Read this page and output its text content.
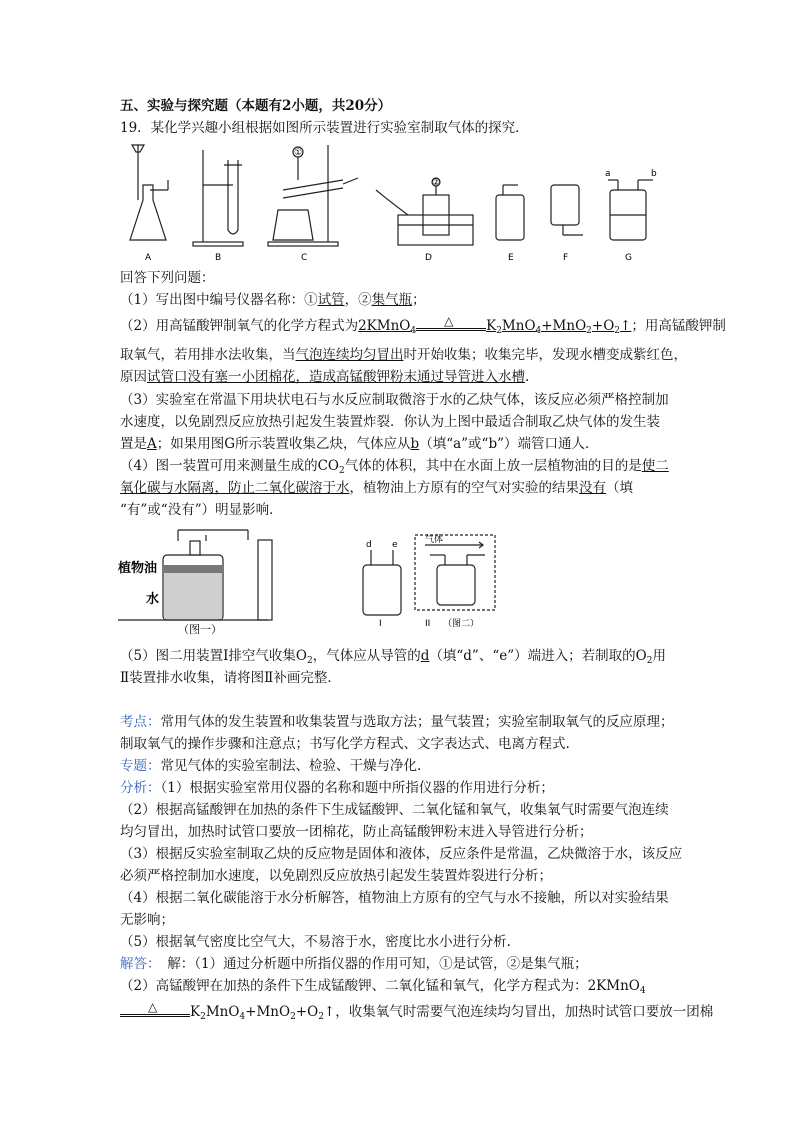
五、实验与探究题（本题有2小题，共20分）
19．某化学兴趣小组根据如图所示装置进行实验室制取气体的探究．
A	B	C	D	E	F	G
①
②
a	b
回答下列问题：
（1）写出图中编号仪器名称：①试管，②集气瓶；
（2）用高锰酸钾制氧气的化学方程式为2KMnO$_4$
△ $K_2MnO_4+MnO_2+O_2↑$；用高锰酸钾制
取氧气，若用排水法收集，当气泡连续均匀冒出时开始收集；收集完毕，发现水槽变成紫红色，
原因试管口没有塞一小团棉花，造成高锰酸钾粉末通过导管进入水槽.
（3）实验室在常温下用块状电石与水反应制取微溶于水的乙炔气体，该反应必须严格控制加
水速度，以免剧烈反应放热引起发生装置炸裂．你认为上图中最适合制取乙炔气体的发生装
置是A；如果用图G所示装置收集乙炔，气体应从b（填“a”或“b”）端管口通人．
（4）图一装置可用来测量生成的$CO_2$气体的体积，其中在水面上放一层植物油的目的是使二
氧化碳与水隔离，防止二氧化碳溶于水，植物油上方原有的空气对实验的结果没有（填
“有”或“没有”）明显影响．
植物油
水
（图一）
d e	气体
I	II （图二）
（5）图二用装置Ⅰ排空气收集$O_2$，气体应从导管的d（填“d”、“e”）端进入；若制取的$O_2$用
Ⅱ装置排水收集，请将图Ⅱ补画完整．
考点：常用气体的发生装置和收集装置与选取方法；量气装置；实验室制取氧气的反应原理；
制取氧气的操作步骤和注意点；书写化学方程式、文字表达式、电离方程式.
专题：常见气体的实验室制法、检验、干燥与净化.
分析：（1）根据实验室常用仪器的名称和题中所指仪器的作用进行分析；
（2）根据高锰酸钾在加热的条件下生成锰酸钾、二氧化锰和氧气，收集氧气时需要气泡连续
均匀冒出，加热时试管口要放一团棉花，防止高锰酸钾粉末进入导管进行分析；
（3）根据反实验室制取乙炔的反应物是固体和液体，反应条件是常温，乙炔微溶于水，该反应
必须严格控制加水速度，以免剧烈反应放热引起发生装置炸裂进行分析；
（4）根据二氧化碳能溶于水分析解答，植物油上方原有的空气与水不接触，所以对实验结果
无影响；
（5）根据氧气密度比空气大，不易溶于水，密度比水小进行分析.
解答：　解：（1）通过分析题中所指仪器的作用可知，①是试管，②是集气瓶；
（2）高锰酸钾在加热的条件下生成锰酸钾、二氧化锰和氧气，化学方程式为：2KMnO$_4$
△ $K_2MnO_4+MnO_2+O_2↑$，收集氧气时需要气泡连续均匀冒出，加热时试管口要放一团棉
